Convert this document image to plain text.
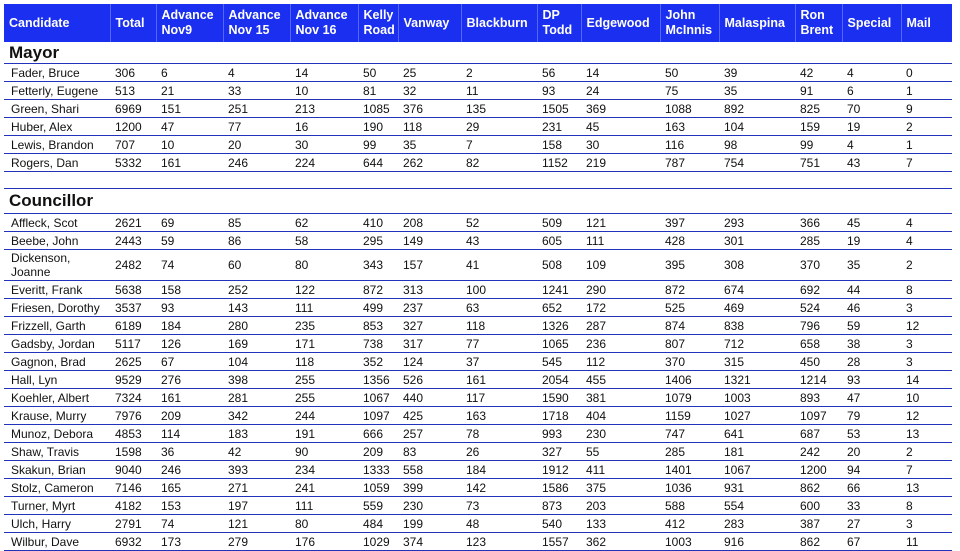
Candidate	Total	Advance Nov9	Advance Nov 15	Advance Nov 16	Kelly Road	Vanway	Blackburn	DP Todd	Edgewood	John McInnis	Malaspina	Ron Brent	Special	Mail
Mayor														
Fader, Bruce	306	6	4	14	50	25	2	56	14	50	39	42	4	0
Fetterly, Eugene	513	21	33	10	81	32	11	93	24	75	35	91	6	1
Green, Shari	6969	151	251	213	1085	376	135	1505	369	1088	892	825	70	9
Huber, Alex	1200	47	77	16	190	118	29	231	45	163	104	159	19	2
Lewis, Brandon	707	10	20	30	99	35	7	158	30	116	98	99	4	1
Rogers, Dan	5332	161	246	224	644	262	82	1152	219	787	754	751	43	7

Councillor														
Affleck, Scot	2621	69	85	62	410	208	52	509	121	397	293	366	45	4
Beebe, John	2443	59	86	58	295	149	43	605	111	428	301	285	19	4
Dickenson, Joanne	2482	74	60	80	343	157	41	508	109	395	308	370	35	2
Everitt, Frank	5638	158	252	122	872	313	100	1241	290	872	674	692	44	8
Friesen, Dorothy	3537	93	143	111	499	237	63	652	172	525	469	524	46	3
Frizzell, Garth	6189	184	280	235	853	327	118	1326	287	874	838	796	59	12
Gadsby, Jordan	5117	126	169	171	738	317	77	1065	236	807	712	658	38	3
Gagnon, Brad	2625	67	104	118	352	124	37	545	112	370	315	450	28	3
Hall, Lyn	9529	276	398	255	1356	526	161	2054	455	1406	1321	1214	93	14
Koehler, Albert	7324	161	281	255	1067	440	117	1590	381	1079	1003	893	47	10
Krause, Murry	7976	209	342	244	1097	425	163	1718	404	1159	1027	1097	79	12
Munoz, Debora	4853	114	183	191	666	257	78	993	230	747	641	687	53	13
Shaw, Travis	1598	36	42	90	209	83	26	327	55	285	181	242	20	2
Skakun, Brian	9040	246	393	234	1333	558	184	1912	411	1401	1067	1200	94	7
Stolz, Cameron	7146	165	271	241	1059	399	142	1586	375	1036	931	862	66	13
Turner, Myrt	4182	153	197	111	559	230	73	873	203	588	554	600	33	8
Ulch, Harry	2791	74	121	80	484	199	48	540	133	412	283	387	27	3
Wilbur, Dave	6932	173	279	176	1029	374	123	1557	362	1003	916	862	67	11
